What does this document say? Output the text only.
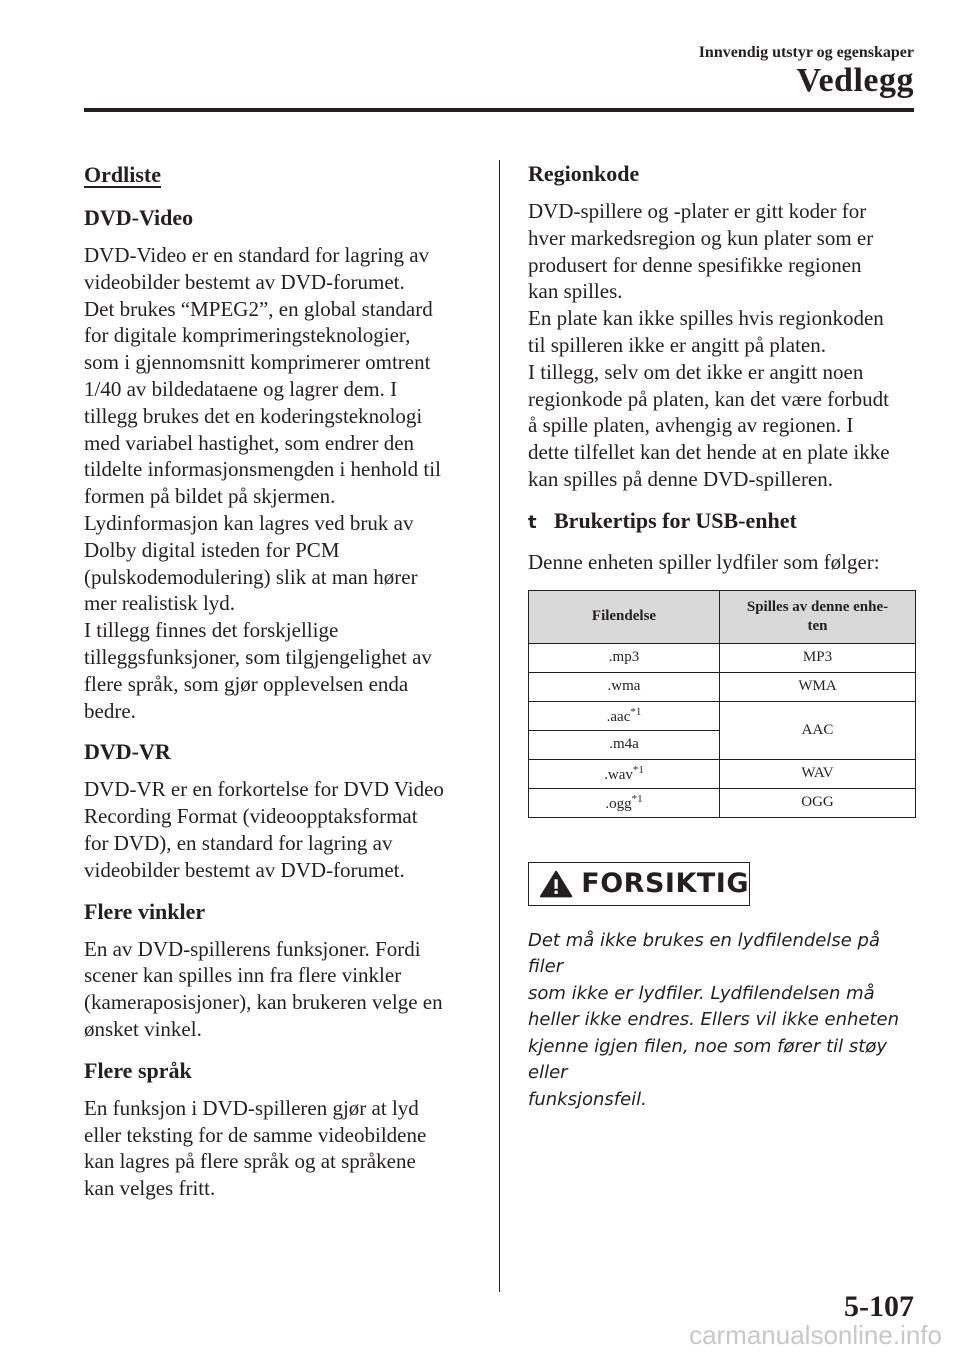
Innvendig utstyr og egenskaper
Vedlegg
Ordliste
DVD-Video

DVD-Video er en standard for lagring av
videobilder bestemt av DVD-forumet.
Det brukes “MPEG2”, en global standard
for digitale komprimeringsteknologier,
som i gjennomsnitt komprimerer omtrent
1/40 av bildedataene og lagrer dem. I
tillegg brukes det en koderingsteknologi
med variabel hastighet, som endrer den
tildelte informasjonsmengden i henhold til
formen på bildet på skjermen.
Lydinformasjon kan lagres ved bruk av
Dolby digital isteden for PCM
(pulskodemodulering) slik at man hører
mer realistisk lyd.
I tillegg finnes det forskjellige
tilleggsfunksjoner, som tilgjengelighet av
flere språk, som gjør opplevelsen enda
bedre.

DVD-VR

DVD-VR er en forkortelse for DVD Video
Recording Format (videoopptaksformat
for DVD), en standard for lagring av
videobilder bestemt av DVD-forumet.

Flere vinkler

En av DVD-spillerens funksjoner. Fordi
scener kan spilles inn fra flere vinkler
(kameraposisjoner), kan brukeren velge en
ønsket vinkel.

Flere språk

En funksjon i DVD-spilleren gjør at lyd
eller teksting for de samme videobildene
kan lagres på flere språk og at språkene
kan velges fritt.

Regionkode

DVD-spillere og -plater er gitt koder for
hver markedsregion og kun plater som er
produsert for denne spesifikke regionen
kan spilles.
En plate kan ikke spilles hvis regionkoden
til spilleren ikke er angitt på platen.
I tillegg, selv om det ikke er angitt noen
regionkode på platen, kan det være forbudt
å spille platen, avhengig av regionen. I
dette tilfellet kan det hende at en plate ikke
kan spilles på denne DVD-spilleren.

t Brukertips for USB-enhet

Denne enheten spiller lydfiler som følger:

Filendelse	Spilles av denne enhe-
ten
.mp3	MP3
.wma	WMA
.aac$^{*1}$	AAC
.m4a	
.wav$^{*1}$	WAV
.ogg$^{*1}$	OGG
FORSIKTIG
Det må ikke brukes en lydfilendelse på filer
som ikke er lydfiler. Lydfilendelsen må
heller ikke endres. Ellers vil ikke enheten
kjenne igjen filen, noe som fører til støy eller
funksjonsfeil.
5-107
carmanualsonline.info
